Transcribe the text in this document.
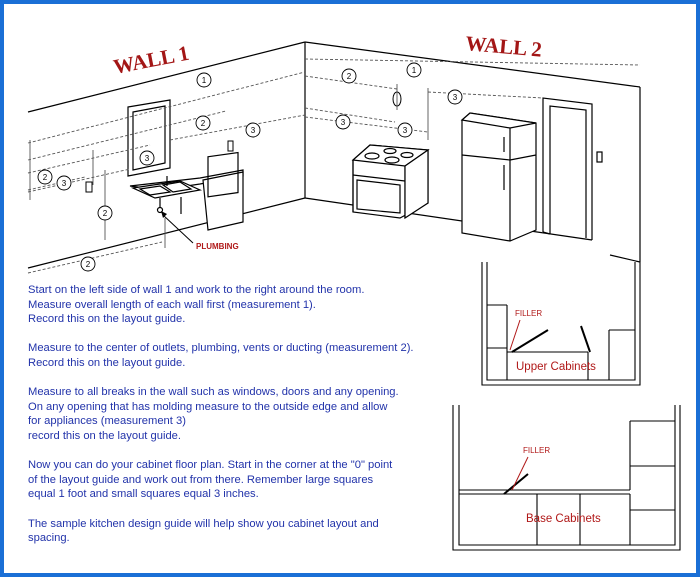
PLUMBING
WALL 1	WALL 2
1
2
3
3
2
3
2
2
2
1
3
3
3
FILLER
Upper Cabinets
FILLER
Base Cabinets

Start on the left side of wall 1 and work to the right around the room.
Measure overall length of each wall first (measurement 1).
Record this on the layout guide.

Measure to the center of outlets, plumbing, vents or ducting (measurement 2).
Record this on the layout guide.

Measure to all breaks in the wall such as windows, doors and any opening.
On any opening that has molding measure to the outside edge and allow
for appliances (measurement 3)
record this on the layout guide.

Now you can do your cabinet floor plan. Start in the corner at the "0" point
of the layout guide and work out from there. Remember large squares
equal 1 foot and small squares equal 3 inches.

The sample kitchen design guide will help show you cabinet layout and
spacing.
